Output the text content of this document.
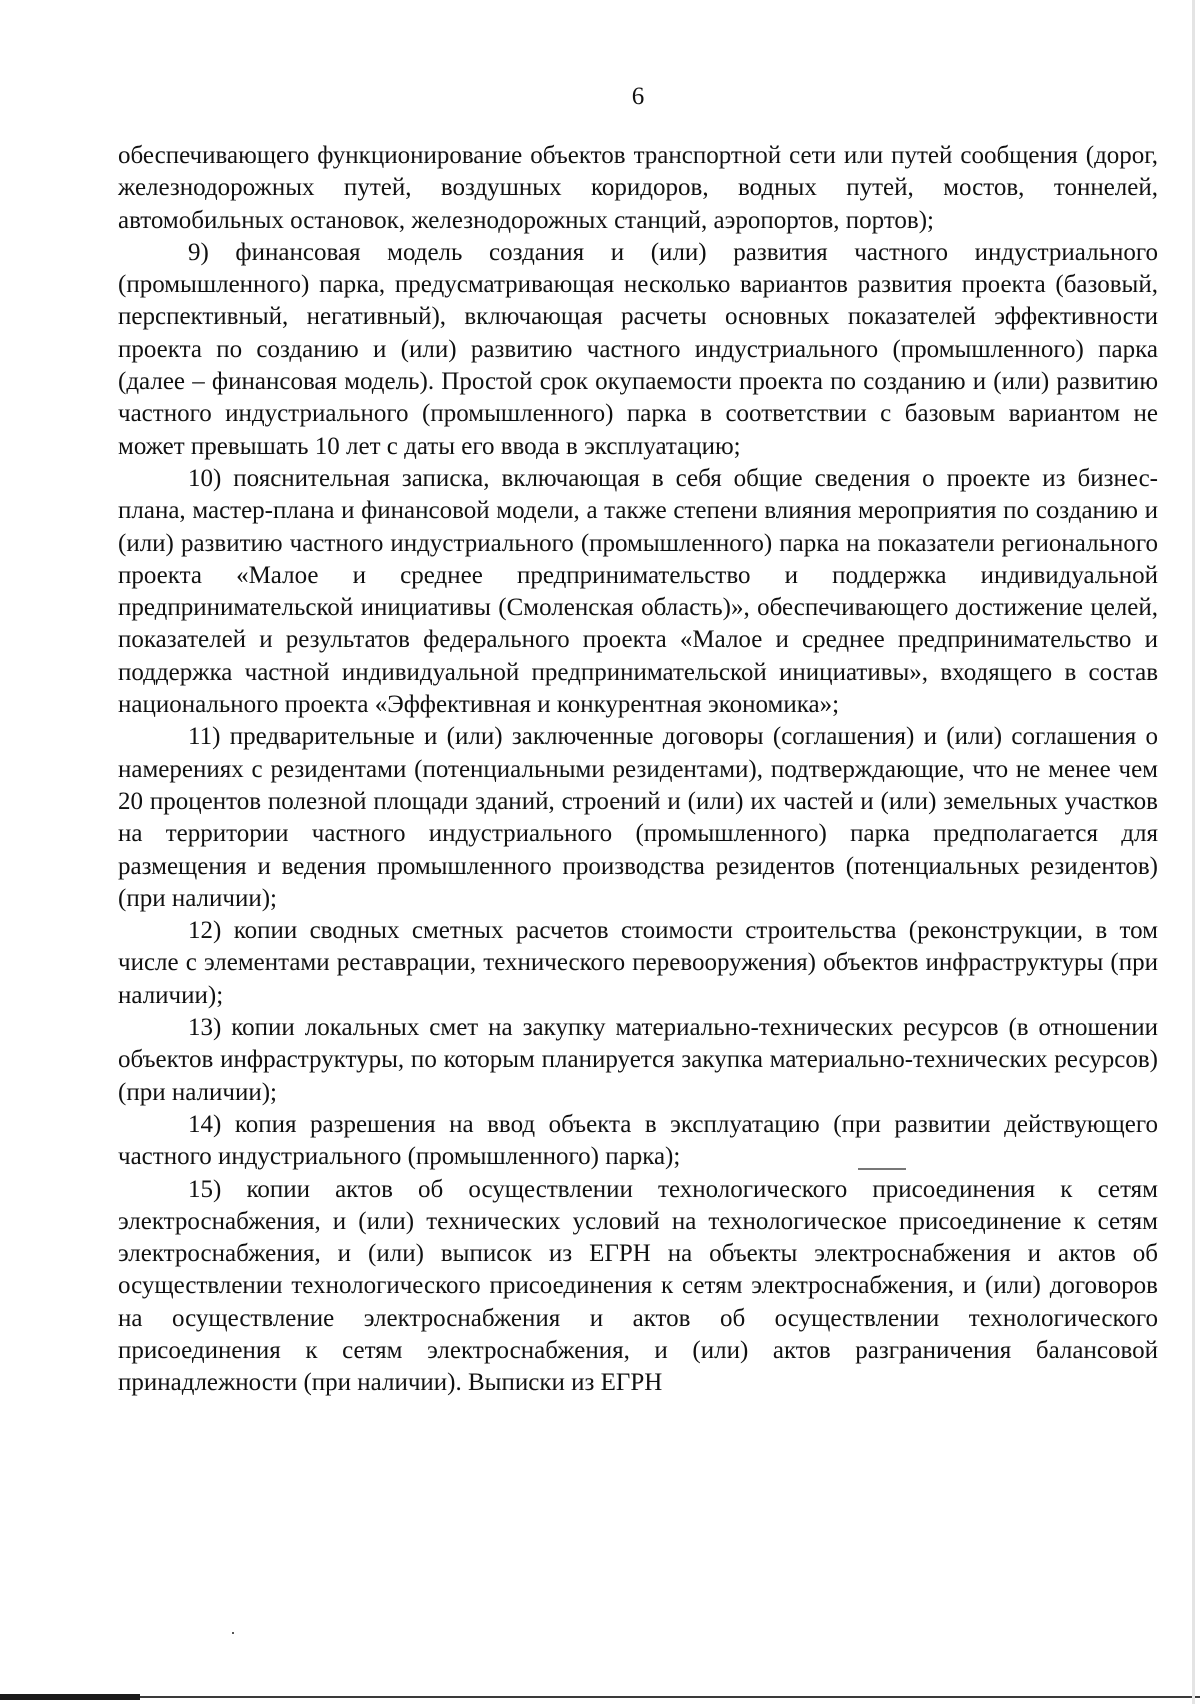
6

обеспечивающего функционирование объектов транспортной сети или путей сообщения (дорог, железнодорожных путей, воздушных коридоров, водных путей, мостов, тоннелей, автомобильных остановок, железнодорожных станций, аэропортов, портов);

9) финансовая модель создания и (или) развития частного индустриального (промышленного) парка, предусматривающая несколько вариантов развития проекта (базовый, перспективный, негативный), включающая расчеты основных показателей эффективности проекта по созданию и (или) развитию частного индустриального (промышленного) парка (далее – финансовая модель). Простой срок окупаемости проекта по созданию и (или) развитию частного индустриального (промышленного) парка в соответствии с базовым вариантом не может превышать 10 лет с даты его ввода в эксплуатацию;

10) пояснительная записка, включающая в себя общие сведения о проекте из бизнес-плана, мастер-плана и финансовой модели, а также степени влияния мероприятия по созданию и (или) развитию частного индустриального (промышленного) парка на показатели регионального проекта «Малое и среднее предпринимательство и поддержка индивидуальной предпринимательской инициативы (Смоленская область)», обеспечивающего достижение целей, показателей и результатов федерального проекта «Малое и среднее предпринимательство и поддержка частной индивидуальной предпринимательской инициативы», входящего в состав национального проекта «Эффективная и конкурентная экономика»;

11) предварительные и (или) заключенные договоры (соглашения) и (или) соглашения о намерениях с резидентами (потенциальными резидентами), подтверждающие, что не менее чем 20 процентов полезной площади зданий, строений и (или) их частей и (или) земельных участков на территории частного индустриального (промышленного) парка предполагается для размещения и ведения промышленного производства резидентов (потенциальных резидентов) (при наличии);

12) копии сводных сметных расчетов стоимости строительства (реконструкции, в том числе с элементами реставрации, технического перевооружения) объектов инфраструктуры (при наличии);

13) копии локальных смет на закупку материально-технических ресурсов (в отношении объектов инфраструктуры, по которым планируется закупка материально-технических ресурсов) (при наличии);

14) копия разрешения на ввод объекта в эксплуатацию (при развитии действующего частного индустриального (промышленного) парка);

15) копии актов об осуществлении технологического присоединения к сетям электроснабжения, и (или) технических условий на технологическое присоединение к сетям электроснабжения, и (или) выписок из ЕГРН на объекты электроснабжения и актов об осуществлении технологического присоединения к сетям электроснабжения, и (или) договоров на осуществление электроснабжения и актов об осуществлении технологического присоединения к сетям электроснабжения, и (или) актов разграничения балансовой принадлежности (при наличии). Выписки из ЕГРН
